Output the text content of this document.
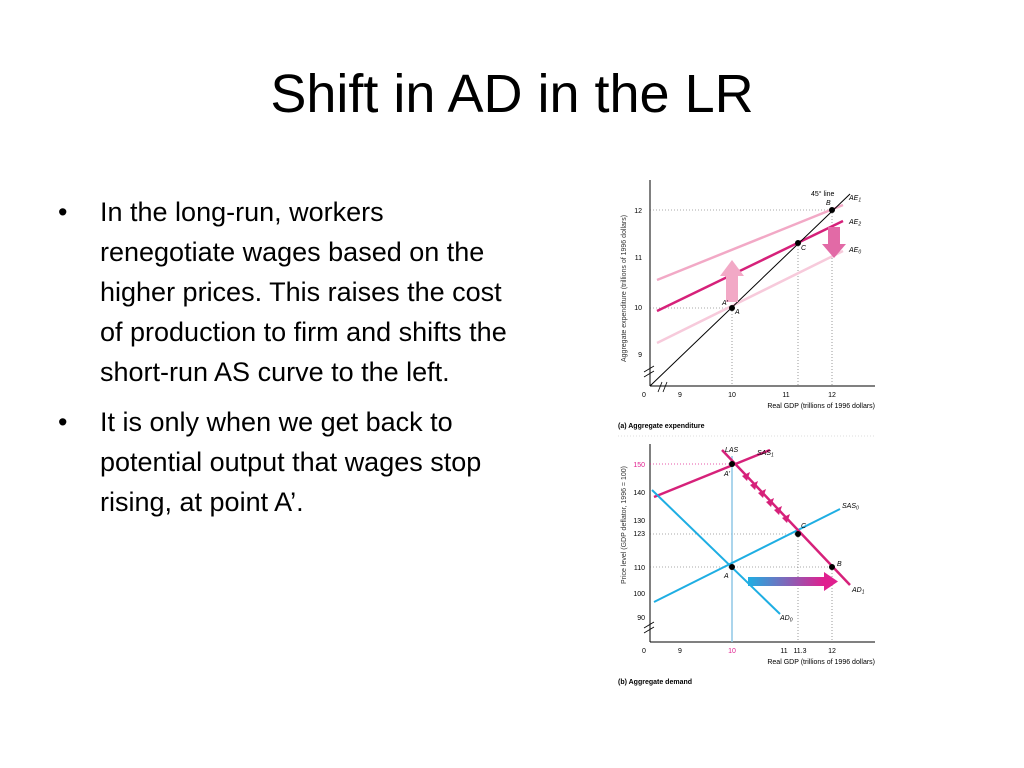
Shift in AD in the LR
• In the long-run, workers renegotiate wages based on the higher prices. This raises the cost of production to firm and shifts the short-run AS curve to the left.
• It is only when we get back to potential output that wages stop rising, at point A’.
Aggregate expenditure (trillions of 1996 dollars)
B
C
A
A'
45° line
$AE_1$
$AE_2$
$AE_0$
9
10
11
12
0	9	10	11	12
Real GDP (trillions of 1996 dollars)
(a) Aggregate expenditure
Price level (GDP deflator, 1996 = 100)	A'
C
A
B
LAS	$SAS_1$
$SAS_0$
$AD_0$
$AD_1$
90
100
110
123
130
140
150
0	9	10	11 11.3	12
Real GDP (trillions of 1996 dollars)
(b) Aggregate demand
